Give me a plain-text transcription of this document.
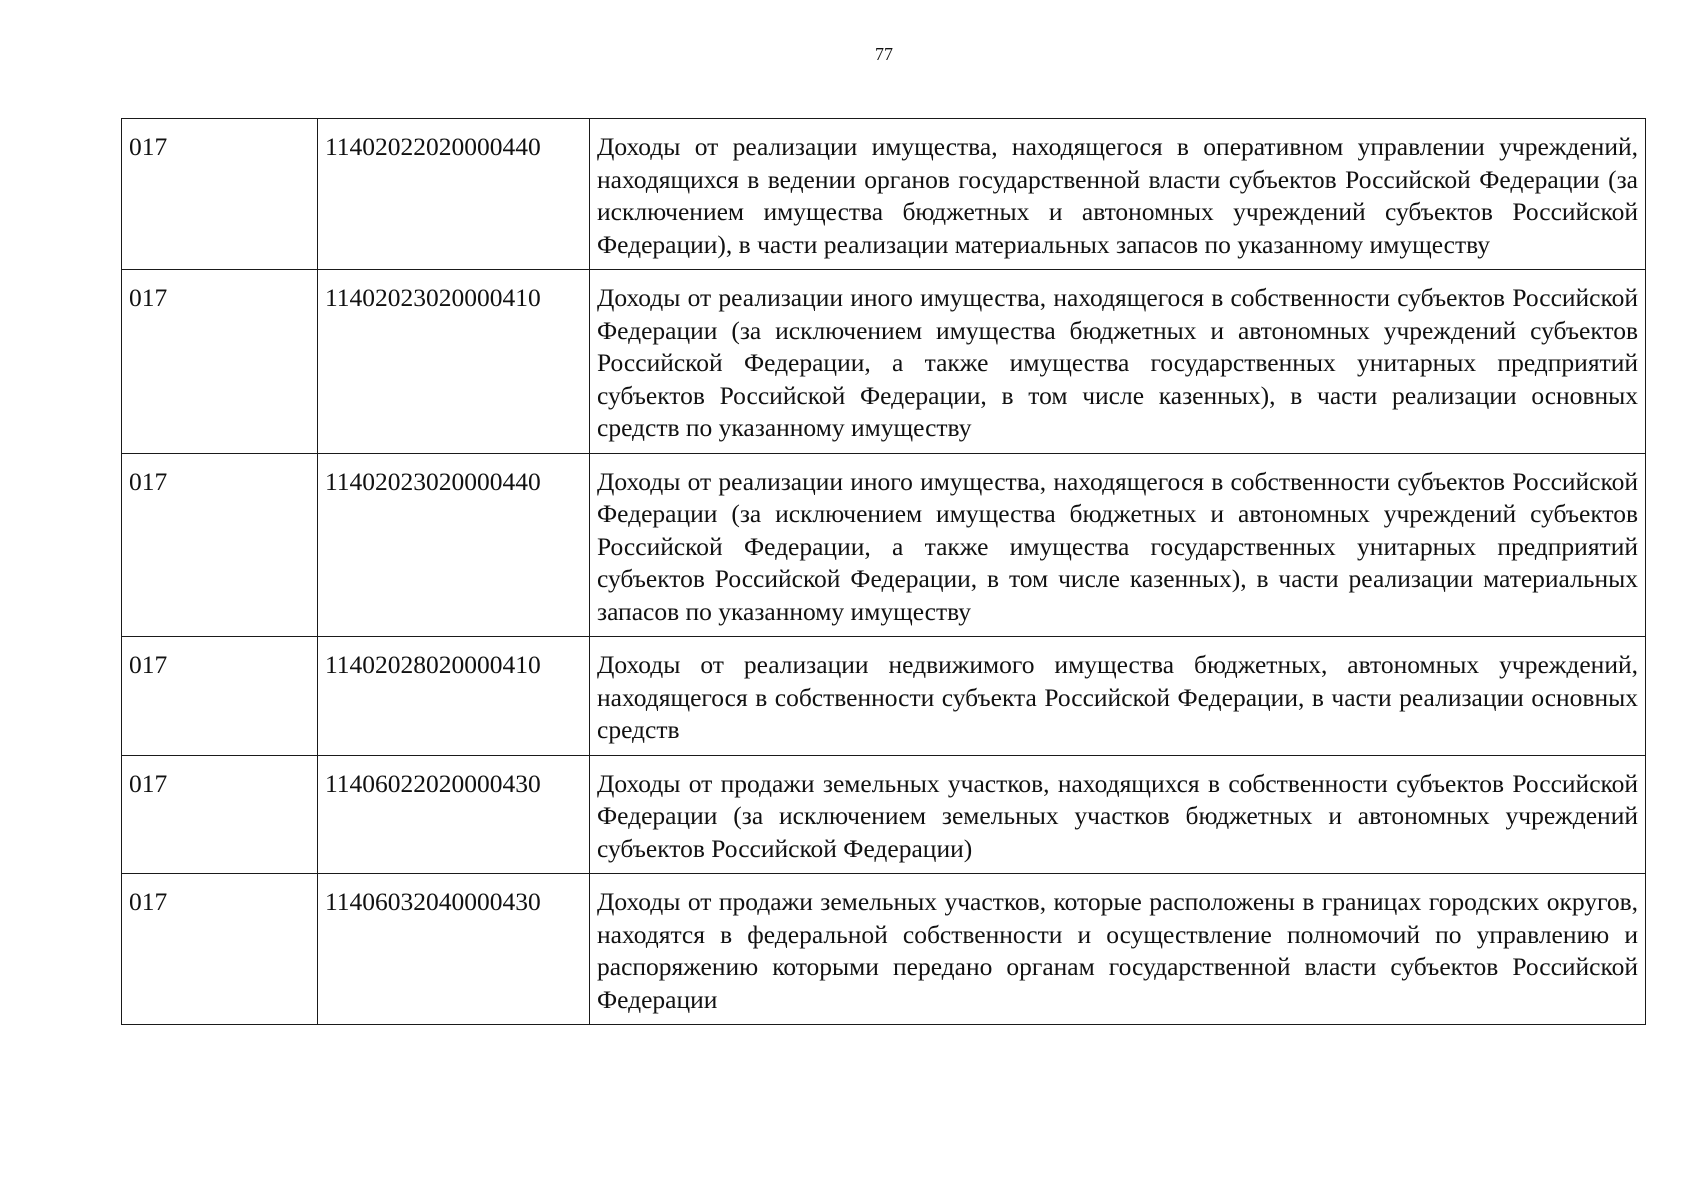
77
017	11402022020000440	Доходы от реализации имущества, находящегося в оперативном управлении учреждений, находящихся в ведении органов государственной власти субъектов Российской Федерации (за исключением имущества бюджетных и автономных учреждений субъектов Российской Федерации), в части реализации материальных запасов по указанному имуществу
017	11402023020000410	Доходы от реализации иного имущества, находящегося в собственности субъектов Российской Федерации (за исключением имущества бюджетных и автономных учреждений субъектов Российской Федерации, а также имущества государственных унитарных предприятий субъектов Российской Федерации, в том числе казенных), в части реализации основных средств по указанному имуществу
017	11402023020000440	Доходы от реализации иного имущества, находящегося в собственности субъектов Российской Федерации (за исключением имущества бюджетных и автономных учреждений субъектов Российской Федерации, а также имущества государственных унитарных предприятий субъектов Российской Федерации, в том числе казенных), в части реализации материальных запасов по указанному имуществу
017	11402028020000410	Доходы от реализации недвижимого имущества бюджетных, автономных учреждений, находящегося в собственности субъекта Российской Федерации, в части реализации основных средств
017	11406022020000430	Доходы от продажи земельных участков, находящихся в собственности субъектов Российской Федерации (за исключением земельных участков бюджетных и автономных учреждений субъектов Российской Федерации)
017	11406032040000430	Доходы от продажи земельных участков, которые расположены в границах городских округов, находятся в федеральной собственности и осуществление полномочий по управлению и распоряжению которыми передано органам государственной власти субъектов Российской Федерации
